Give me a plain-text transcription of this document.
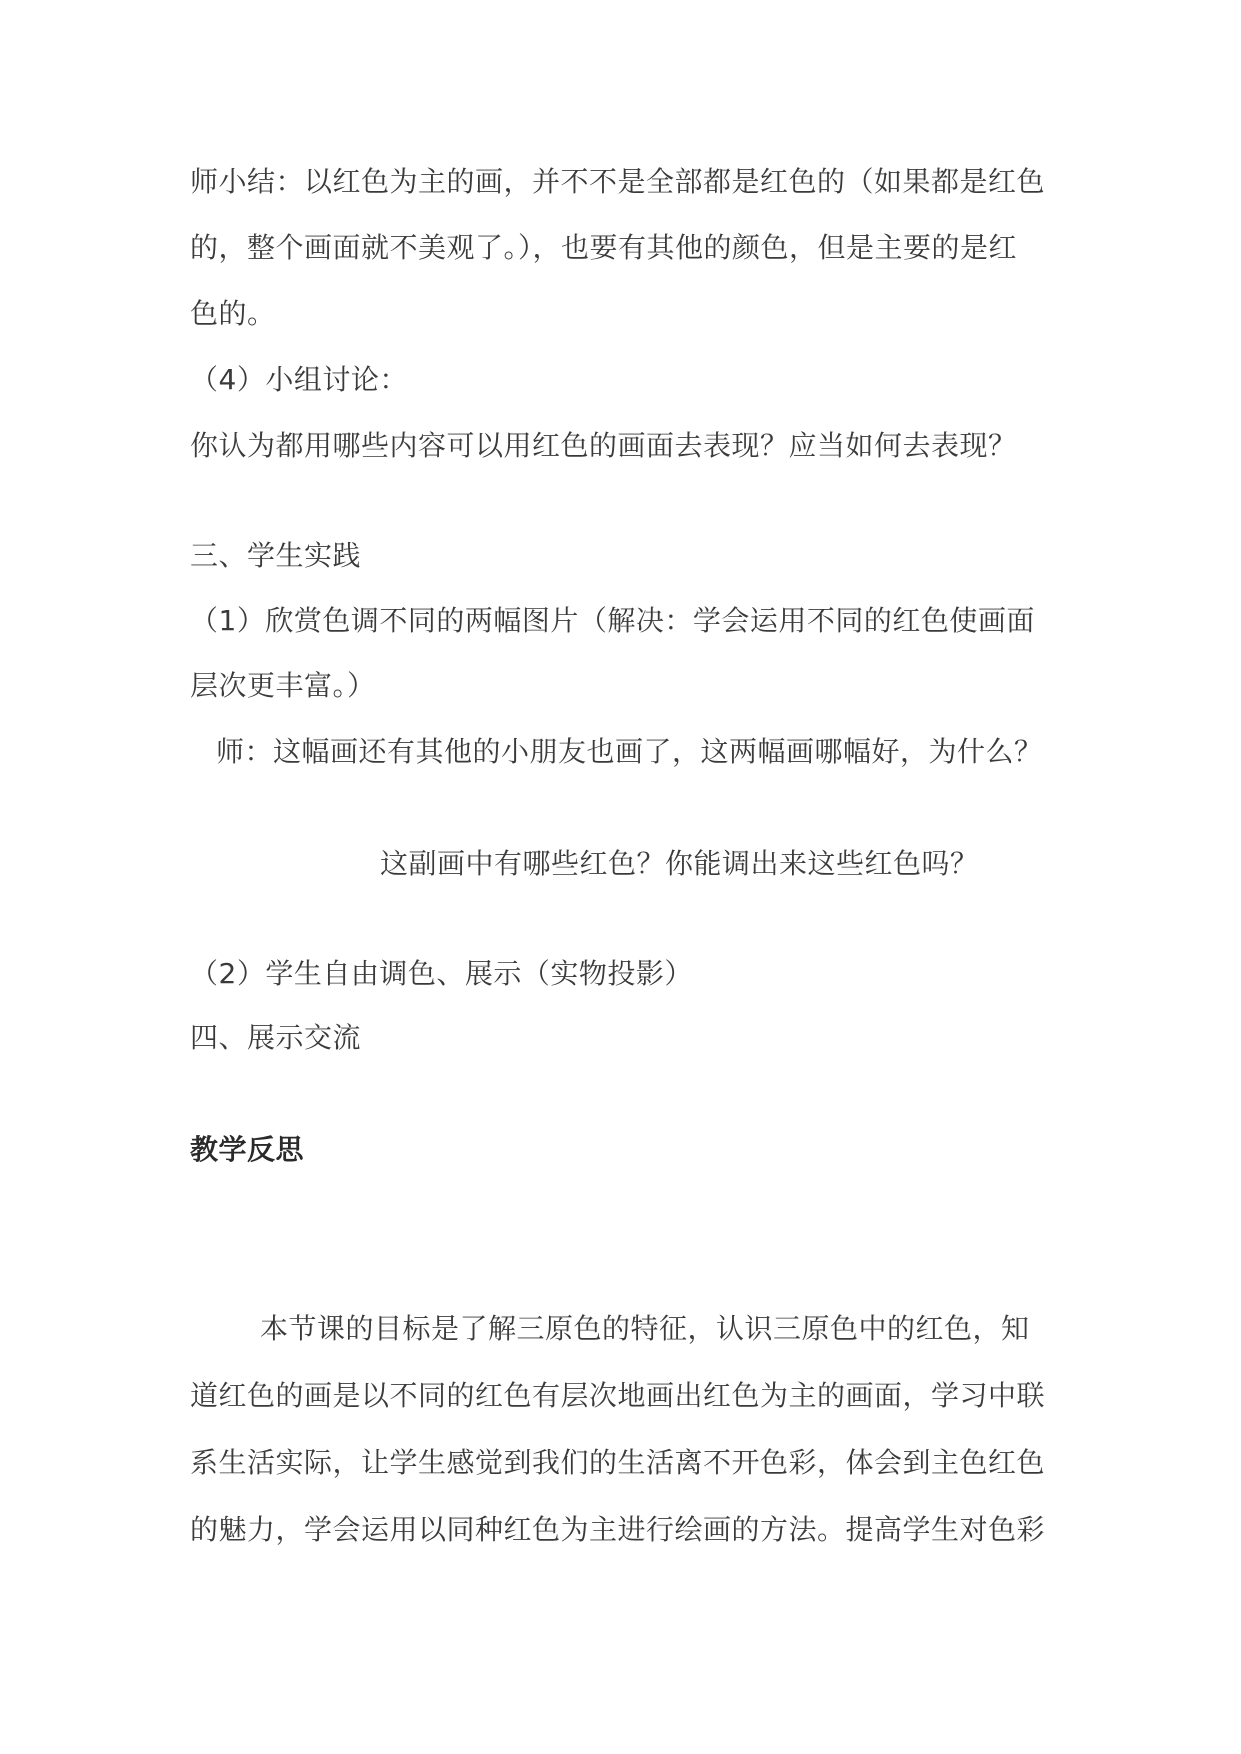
师小结：以红色为主的画，并不不是全部都是红色的（如果都是红色
的，整个画面就不美观了。），也要有其他的颜色，但是主要的是红
色的。
（4）小组讨论：
你认为都用哪些内容可以用红色的画面去表现？应当如何去表现？
三、学生实践
（1）欣赏色调不同的两幅图片（解决：学会运用不同的红色使画面
层次更丰富。）
师：这幅画还有其他的小朋友也画了，这两幅画哪幅好，为什么？
这副画中有哪些红色？你能调出来这些红色吗？
（2）学生自由调色、展示（实物投影）
四、展示交流
教学反思
本节课的目标是了解三原色的特征，认识三原色中的红色，知
道红色的画是以不同的红色有层次地画出红色为主的画面，学习中联
系生活实际，让学生感觉到我们的生活离不开色彩，体会到主色红色
的魅力，学会运用以同种红色为主进行绘画的方法。提高学生对色彩
